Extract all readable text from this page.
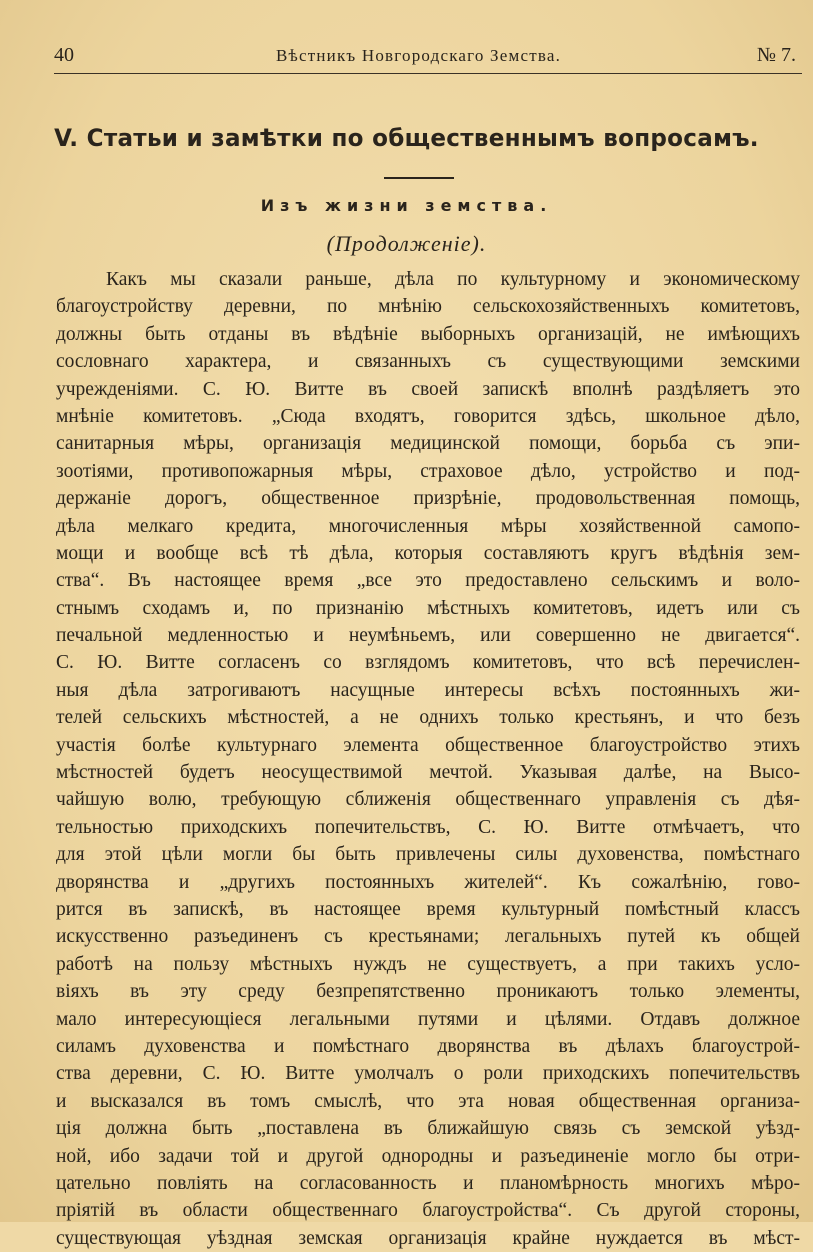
40	Вѣстникъ Новгородскаго Земства.	№ 7.
V. Статьи и замѣтки по общественнымъ вопросамъ.
Изъ жизни земства.
(Продолженіе).
Какъ мы сказали раньше, дѣла по культурному и экономическому
благоустройству деревни, по мнѣнію сельскохозяйственныхъ комитетовъ,
должны быть отданы въ вѣдѣніе выборныхъ организацій, не имѣющихъ
сословнаго характера, и связанныхъ съ существующими земскими
учрежденіями. С. Ю. Витте въ своей запискѣ вполнѣ раздѣляетъ это
мнѣніе комитетовъ. „Сюда входятъ, говорится здѣсь, школьное дѣло,
санитарныя мѣры, организація медицинской помощи, борьба съ эпи-
зоотіями, противопожарныя мѣры, страховое дѣло, устройство и под-
держаніе дорогъ, общественное призрѣніе, продовольственная помощь,
дѣла мелкаго кредита, многочисленныя мѣры хозяйственной самопо-
мощи и вообще всѣ тѣ дѣла, которыя составляютъ кругъ вѣдѣнія зем-
ства“. Въ настоящее время „все это предоставлено сельскимъ и воло-
стнымъ сходамъ и, по признанію мѣстныхъ комитетовъ, идетъ или съ
печальной медленностью и неумѣньемъ, или совершенно не двигается“.
С. Ю. Витте согласенъ со взглядомъ комитетовъ, что всѣ перечислен-
ныя дѣла затрогиваютъ насущные интересы всѣхъ постоянныхъ жи-
телей сельскихъ мѣстностей, а не однихъ только крестьянъ, и что безъ
участія болѣе культурнаго элемента общественное благоустройство этихъ
мѣстностей будетъ неосуществимой мечтой. Указывая далѣе, на Высо-
чайшую волю, требующую сближенія общественнаго управленія съ дѣя-
тельностью приходскихъ попечительствъ, С. Ю. Витте отмѣчаетъ, что
для этой цѣли могли бы быть привлечены силы духовенства, помѣстнаго
дворянства и „другихъ постоянныхъ жителей“. Къ сожалѣнію, гово-
рится въ запискѣ, въ настоящее время культурный помѣстный классъ
искусственно разъединенъ съ крестьянами; легальныхъ путей къ общей
работѣ на пользу мѣстныхъ нуждъ не существуетъ, а при такихъ усло-
віяхъ въ эту среду безпрепятственно проникаютъ только элементы,
мало интересующіеся легальными путями и цѣлями. Отдавъ должное
силамъ духовенства и помѣстнаго дворянства въ дѣлахъ благоустрой-
ства деревни, С. Ю. Витте умолчалъ о роли приходскихъ попечительствъ
и высказался въ томъ смыслѣ, что эта новая общественная организа-
ція должна быть „поставлена въ ближайшую связь съ земской уѣзд-
ной, ибо задачи той и другой однородны и разъединеніе могло бы отри-
цательно повліять на согласованность и планомѣрность многихъ мѣро-
пріятій въ области общественнаго благоустройства“. Съ другой стороны,
существующая уѣздная земская организація крайне нуждается въ мѣст-
